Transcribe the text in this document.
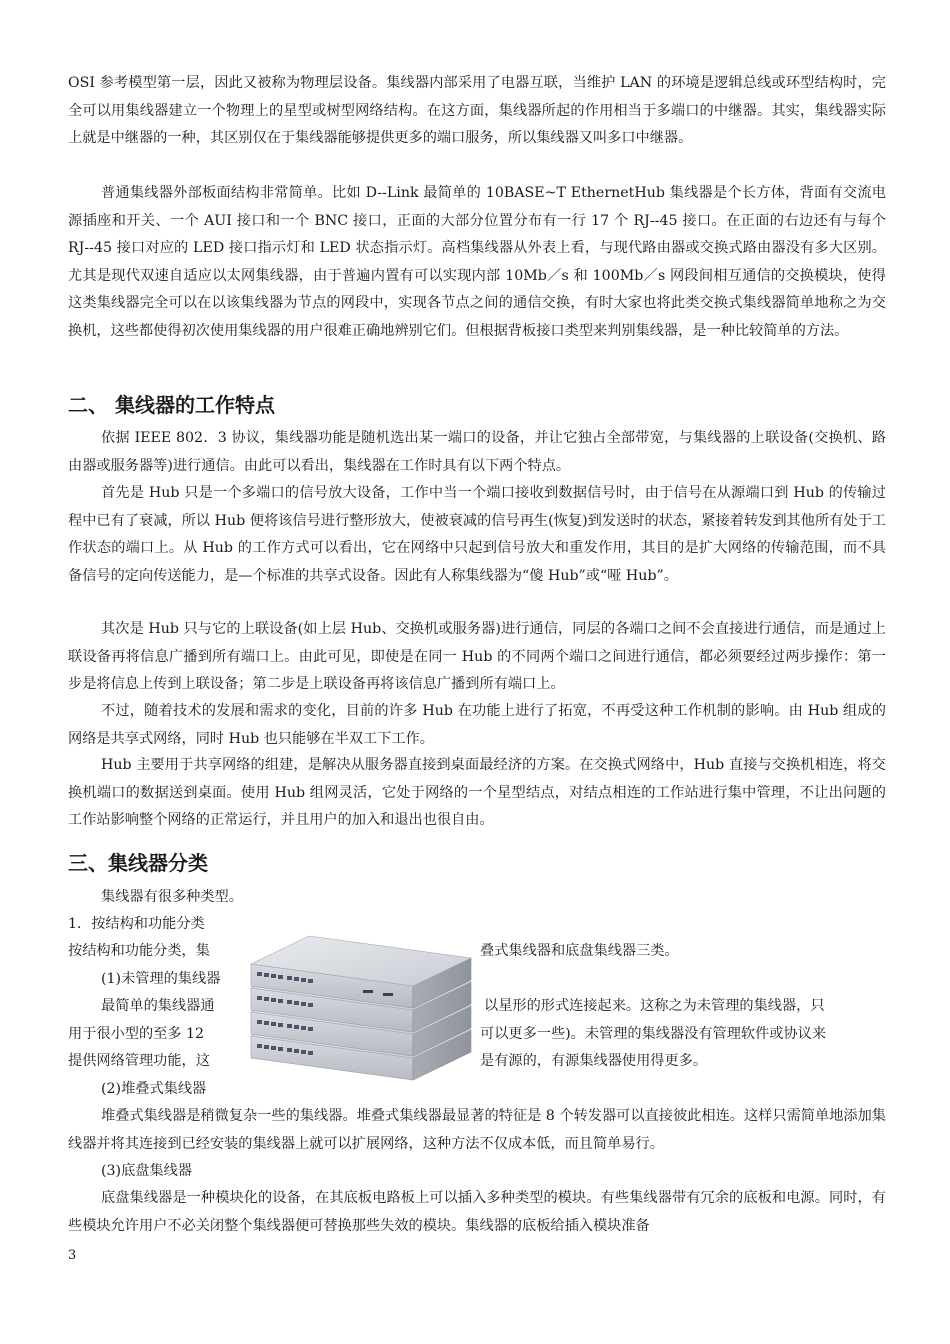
OSI 参考模型第一层，因此又被称为物理层设备。集线器内部采用了电器互联，当维护 LAN 的环境是逻辑总线或环型结构时，完全可以用集线器建立一个物理上的星型或树型网络结构。在这方面，集线器所起的作用相当于多端口的中继器。其实，集线器实际上就是中继器的一种，其区别仅在于集线器能够提供更多的端口服务，所以集线器又叫多口中继器。

普通集线器外部板面结构非常简单。比如 D--Link 最简单的 10BASE~T EthernetHub 集线器是个长方体，背面有交流电源插座和开关、一个 AUI 接口和一个 BNC 接口，正面的大部分位置分布有一行 17 个 RJ--45 接口。在正面的右边还有与每个 RJ--45 接口对应的 LED 接口指示灯和 LED 状态指示灯。高档集线器从外表上看，与现代路由器或交换式路由器没有多大区别。尤其是现代双速自适应以太网集线器，由于普遍内置有可以实现内部 10Mb／s 和 100Mb／s 网段间相互通信的交换模块，使得这类集线器完全可以在以该集线器为节点的网段中，实现各节点之间的通信交换，有时大家也将此类交换式集线器简单地称之为交换机，这些都使得初次使用集线器的用户很难正确地辨别它们。但根据背板接口类型来判别集线器，是一种比较简单的方法。

二、 集线器的工作特点

依据 IEEE 802．3 协议，集线器功能是随机选出某一端口的设备，并让它独占全部带宽，与集线器的上联设备(交换机、路由器或服务器等)进行通信。由此可以看出，集线器在工作时具有以下两个特点。

首先是 Hub 只是一个多端口的信号放大设备，工作中当一个端口接收到数据信号时，由于信号在从源端口到 Hub 的传输过程中已有了衰减，所以 Hub 便将该信号进行整形放大，使被衰减的信号再生(恢复)到发送时的状态，紧接着转发到其他所有处于工作状态的端口上。从 Hub 的工作方式可以看出，它在网络中只起到信号放大和重发作用，其目的是扩大网络的传输范围，而不具备信号的定向传送能力，是—个标准的共享式设备。因此有人称集线器为“傻 Hub”或“哑 Hub”。

其次是 Hub 只与它的上联设备(如上层 Hub、交换机或服务器)进行通信，同层的各端口之间不会直接进行通信，而是通过上联设备再将信息广播到所有端口上。由此可见，即使是在同一 Hub 的不同两个端口之间进行通信，都必须要经过两步操作：第一步是将信息上传到上联设备；第二步是上联设备再将该信息广播到所有端口上。

不过，随着技术的发展和需求的变化，目前的许多 Hub 在功能上进行了拓宽，不再受这种工作机制的影响。由 Hub 组成的网络是共享式网络，同时 Hub 也只能够在半双工下工作。

Hub 主要用于共享网络的组建，是解决从服务器直接到桌面最经济的方案。在交换式网络中，Hub 直接与交换机相连，将交换机端口的数据送到桌面。使用 Hub 组网灵活，它处于网络的一个星型结点，对结点相连的工作站进行集中管理，不让出问题的工作站影响整个网络的正常运行，并且用户的加入和退出也很自由。

三、集线器分类

集线器有很多种类型。

1．按结构和功能分类

按结构和功能分类，集	叠式集线器和底盘集线器三类。

(1)未管理的集线器

最简单的集线器通	以星形的形式连接起来。这称之为未管理的集线器，只

用于很小型的至多 12	可以更多一些)。未管理的集线器没有管理软件或协议来

提供网络管理功能，这	是有源的，有源集线器使用得更多。

(2)堆叠式集线器

堆叠式集线器是稍微复杂一些的集线器。堆叠式集线器最显著的特征是 8 个转发器可以直接彼此相连。这样只需简单地添加集线器并将其连接到已经安装的集线器上就可以扩展网络，这种方法不仅成本低，而且简单易行。

(3)底盘集线器

底盘集线器是一种模块化的设备，在其底板电路板上可以插入多种类型的模块。有些集线器带有冗余的底板和电源。同时，有些模块允许用户不必关闭整个集线器便可替换那些失效的模块。集线器的底板给插入模块准备

3
